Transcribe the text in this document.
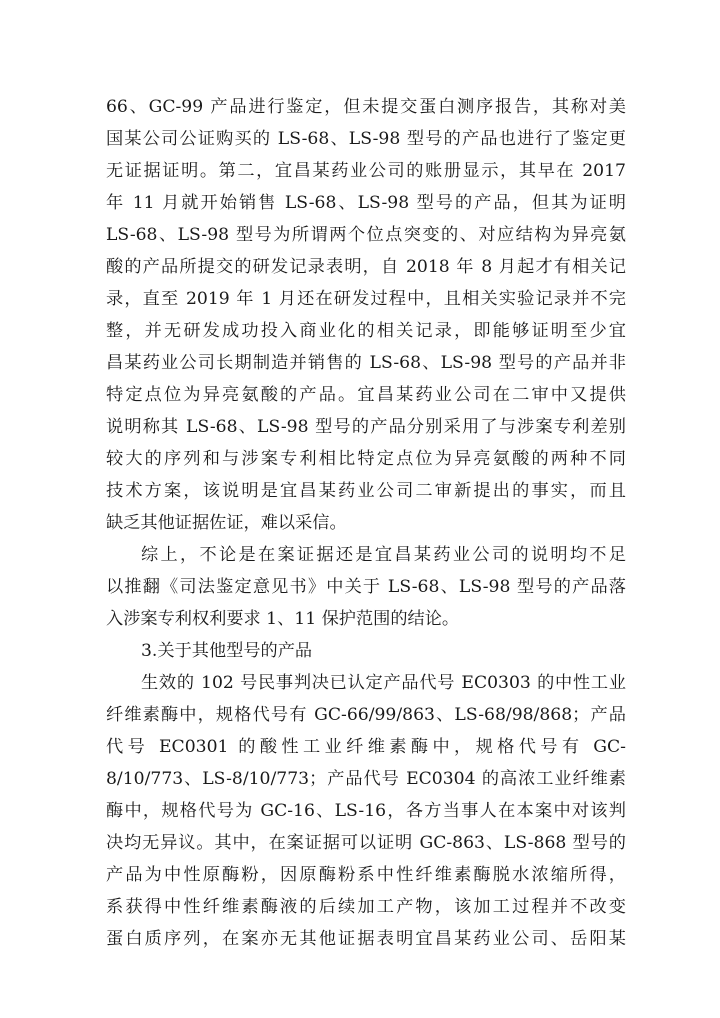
66、GC-99 产品进行鉴定，但未提交蛋白测序报告，其称对美
国某公司公证购买的 LS-68、LS-98 型号的产品也进行了鉴定更
无证据证明。第二，宜昌某药业公司的账册显示，其早在 2017
年 11 月就开始销售 LS-68、LS-98 型号的产品，但其为证明
LS-68、LS-98 型号为所谓两个位点突变的、对应结构为异亮氨
酸的产品所提交的研发记录表明，自 2018 年 8 月起才有相关记
录，直至 2019 年 1 月还在研发过程中，且相关实验记录并不完
整，并无研发成功投入商业化的相关记录，即能够证明至少宜
昌某药业公司长期制造并销售的 LS-68、LS-98 型号的产品并非
特定点位为异亮氨酸的产品。宜昌某药业公司在二审中又提供
说明称其 LS-68、LS-98 型号的产品分别采用了与涉案专利差别
较大的序列和与涉案专利相比特定点位为异亮氨酸的两种不同
技术方案，该说明是宜昌某药业公司二审新提出的事实，而且
缺乏其他证据佐证，难以采信。
综上，不论是在案证据还是宜昌某药业公司的说明均不足
以推翻《司法鉴定意见书》中关于 LS-68、LS-98 型号的产品落
入涉案专利权利要求 1、11 保护范围的结论。
3.关于其他型号的产品
生效的 102 号民事判决已认定产品代号 EC0303 的中性工业
纤维素酶中，规格代号有 GC-66/99/863、LS-68/98/868；产品
代号 EC0301 的酸性工业纤维素酶中，规格代号有 GC-
8/10/773、LS-8/10/773；产品代号 EC0304 的高浓工业纤维素
酶中，规格代号为 GC-16、LS-16，各方当事人在本案中对该判
决均无异议。其中，在案证据可以证明 GC-863、LS-868 型号的
产品为中性原酶粉，因原酶粉系中性纤维素酶脱水浓缩所得，
系获得中性纤维素酶液的后续加工产物，该加工过程并不改变
蛋白质序列，在案亦无其他证据表明宜昌某药业公司、岳阳某
